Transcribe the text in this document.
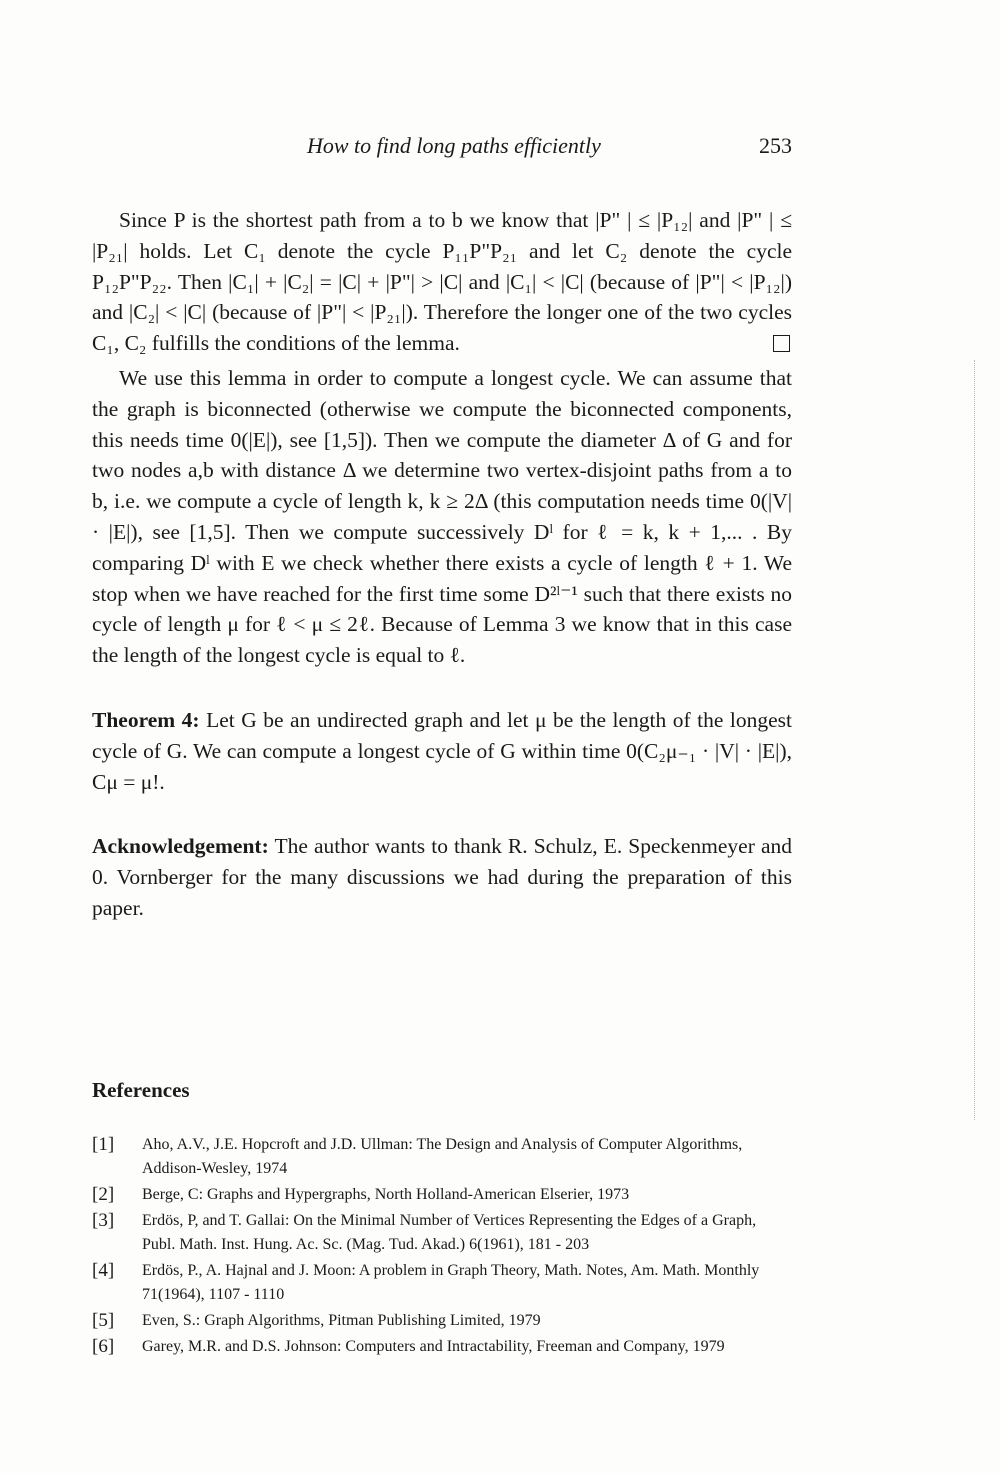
How to find long paths efficiently	253

Since P is the shortest path from a to b we know that |P" | ≤ |P₁₂| and |P" | ≤ |P₂₁| holds. Let C₁ denote the cycle P₁₁P"P₂₁ and let C₂ denote the cycle P₁₂P"P₂₂. Then |C₁| + |C₂| = |C| + |P"| > |C| and |C₁| < |C| (because of |P"| < |P₁₂|) and |C₂| < |C| (because of |P"| < |P₂₁|). Therefore the longer one of the two cycles C₁, C₂ fulfills the conditions of the lemma.

We use this lemma in order to compute a longest cycle. We can assume that the graph is biconnected (otherwise we compute the biconnected components, this needs time 0(|E|), see [1,5]). Then we compute the diameter Δ of G and for two nodes a,b with distance Δ we determine two vertex-disjoint paths from a to b, i.e. we compute a cycle of length k, k ≥ 2Δ (this computation needs time 0(|V| · |E|), see [1,5]. Then we compute successively Dˡ for ℓ = k, k + 1,... . By comparing Dˡ with E we check whether there exists a cycle of length ℓ + 1. We stop when we have reached for the first time some D²ˡ⁻¹ such that there exists no cycle of length μ for ℓ < μ ≤ 2ℓ. Because of Lemma 3 we know that in this case the length of the longest cycle is equal to ℓ.

Theorem 4: Let G be an undirected graph and let μ be the length of the longest cycle of G. We can compute a longest cycle of G within time 0(C₂μ₋₁ · |V| · |E|), Cμ = μ!.

Acknowledgement: The author wants to thank R. Schulz, E. Speckenmeyer and 0. Vornberger for the many discussions we had during the preparation of this paper.

References
[1]	Aho, A.V., J.E. Hopcroft and J.D. Ullman: The Design and Analysis of Computer Algorithms, Addison-Wesley, 1974
[2]	Berge, C: Graphs and Hypergraphs, North Holland-American Elserier, 1973
[3]	Erdös, P, and T. Gallai: On the Minimal Number of Vertices Representing the Edges of a Graph, Publ. Math. Inst. Hung. Ac. Sc. (Mag. Tud. Akad.) 6(1961), 181 - 203
[4]	Erdös, P., A. Hajnal and J. Moon: A problem in Graph Theory, Math. Notes, Am. Math. Monthly 71(1964), 1107 - 1110
[5]	Even, S.: Graph Algorithms, Pitman Publishing Limited, 1979
[6]	Garey, M.R. and D.S. Johnson: Computers and Intractability, Freeman and Company, 1979
